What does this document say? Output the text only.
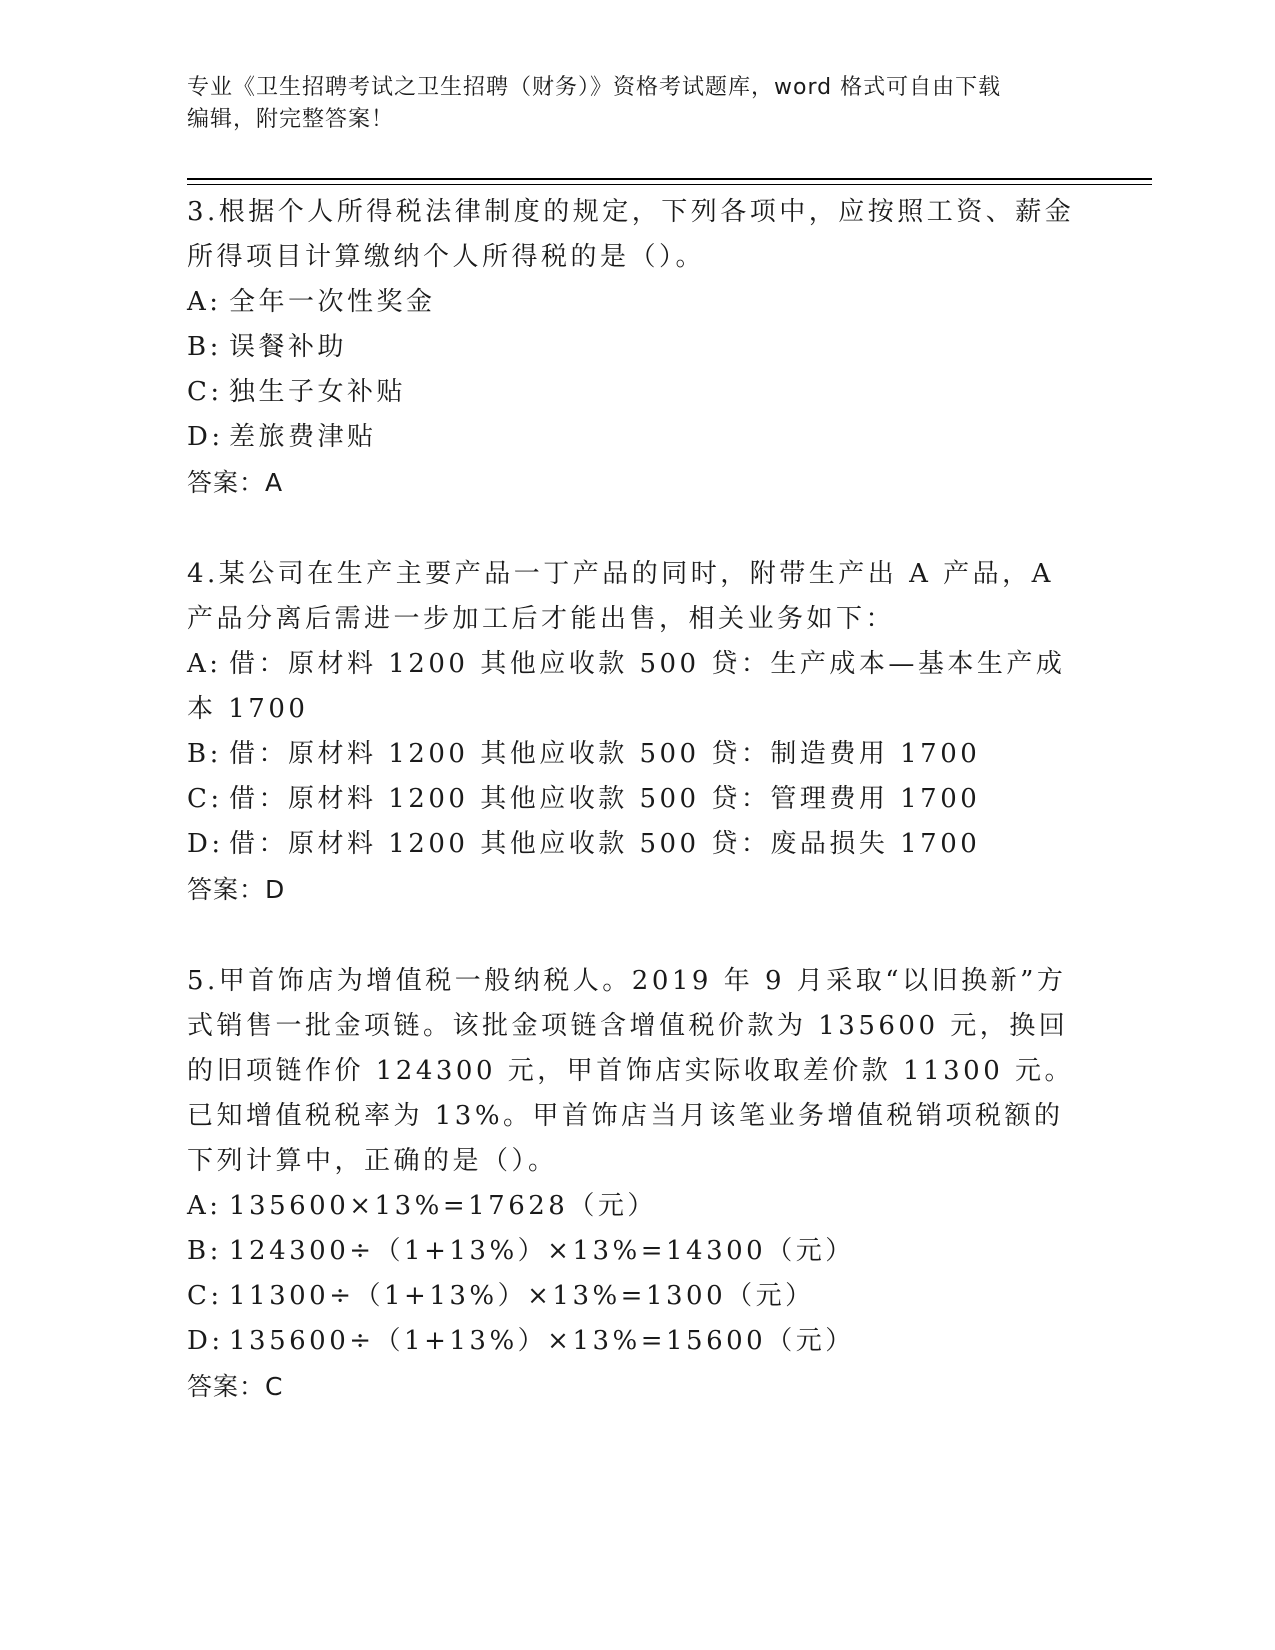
专业《卫生招聘考试之卫生招聘（财务）》资格考试题库，word 格式可自由下载
编辑，附完整答案！

3.根据个人所得税法律制度的规定，下列各项中，应按照工资、薪金所得项目计算缴纳个人所得税的是（）。

A: 全年一次性奖金

B: 误餐补助

C: 独生子女补贴

D: 差旅费津贴

答案：A

4.某公司在生产主要产品一丁产品的同时，附带生产出 A 产品，A 产品分离后需进一步加工后才能出售，相关业务如下：

A: 借：原材料 1200 其他应收款 500 贷：生产成本—基本生产成本 1700

B: 借：原材料 1200 其他应收款 500 贷：制造费用 1700

C: 借：原材料 1200 其他应收款 500 贷：管理费用 1700

D: 借：原材料 1200 其他应收款 500 贷：废品损失 1700

答案：D

5.甲首饰店为增值税一般纳税人。2019 年 9 月采取“以旧换新”方式销售一批金项链。该批金项链含增值税价款为 135600 元，换回的旧项链作价 124300 元，甲首饰店实际收取差价款 11300 元。已知增值税税率为 13%。甲首饰店当月该笔业务增值税销项税额的下列计算中，正确的是（）。

A: 135600×13%=17628（元）

B: 124300÷（1+13%）×13%=14300（元）

C: 11300÷（1+13%）×13%=1300（元）

D: 135600÷（1+13%）×13%=15600（元）

答案：C
